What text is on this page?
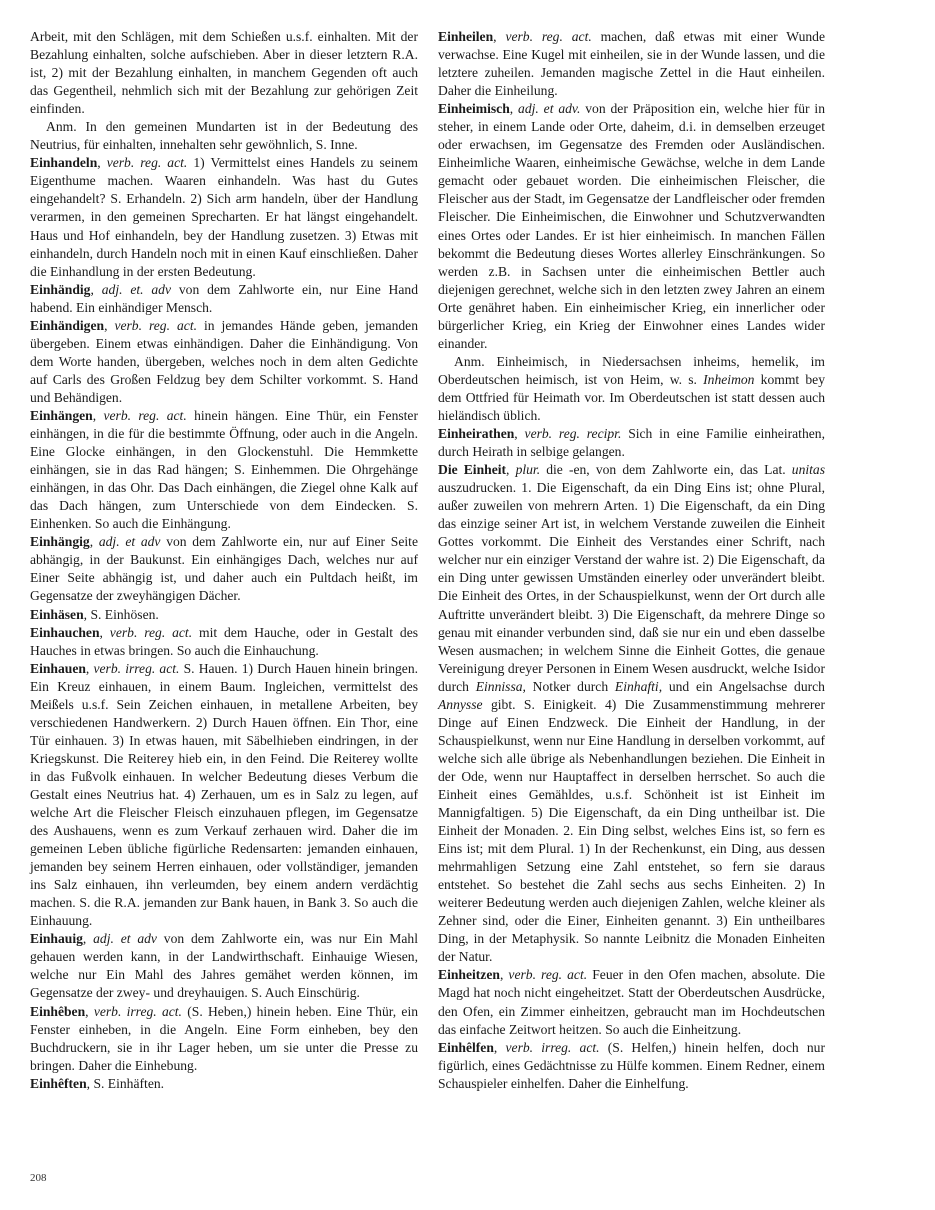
Arbeit, mit den Schlägen, mit dem Schießen u.s.f. einhalten. Mit der Bezahlung einhalten, solche aufschieben. Aber in dieser letztern R.A. ist, 2) mit der Bezahlung einhalten, in manchem Gegenden oft auch das Gegentheil, nehmlich sich mit der Bezahlung zur gehörigen Zeit einfinden.

Anm. In den gemeinen Mundarten ist in der Bedeutung des Neutrius, für einhalten, innehalten sehr gewöhnlich, S. Inne.

Einhandeln, verb. reg. act. 1) Vermittelst eines Handels zu seinem Eigenthume machen. Waaren einhandeln. Was hast du Gutes eingehandelt? S. Erhandeln. 2) Sich arm handeln, über der Handlung verarmen, in den gemeinen Sprecharten. Er hat längst eingehandelt. Haus und Hof einhandeln, bey der Handlung zusetzen. 3) Etwas mit einhandeln, durch Handeln noch mit in einen Kauf einschließen. Daher die Einhandlung in der ersten Bedeutung.

Einhändig, adj. et. adv von dem Zahlworte ein, nur Eine Hand habend. Ein einhändiger Mensch.

Einhändigen, verb. reg. act. in jemandes Hände geben, jemanden übergeben. Einem etwas einhändigen. Daher die Einhändigung. Von dem Worte handen, übergeben, welches noch in dem alten Gedichte auf Carls des Großen Feldzug bey dem Schilter vorkommt. S. Hand und Behändigen.

Einhängen, verb. reg. act. hinein hängen. Eine Thür, ein Fenster einhängen, in die für die bestimmte Öffnung, oder auch in die Angeln. Eine Glocke einhängen, in den Glockenstuhl. Die Hemmkette einhängen, sie in das Rad hängen; S. Einhemmen. Die Ohrgehänge einhängen, in das Ohr. Das Dach einhängen, die Ziegel ohne Kalk auf das Dach hängen, zum Unterschiede von dem Eindecken. S. Einhenken. So auch die Einhängung.

Einhängig, adj. et adv von dem Zahlworte ein, nur auf Einer Seite abhängig, in der Baukunst. Ein einhängiges Dach, welches nur auf Einer Seite abhängig ist, und daher auch ein Pultdach heißt, im Gegensatze der zweyhängigen Dächer.

Einhäsen, S. Einhösen.

Einhauchen, verb. reg. act. mit dem Hauche, oder in Gestalt des Hauches in etwas bringen. So auch die Einhauchung.

Einhauen, verb. irreg. act. S. Hauen. 1) Durch Hauen hinein bringen. Ein Kreuz einhauen, in einem Baum. Ingleichen, vermittelst des Meißels u.s.f. Sein Zeichen einhauen, in metallene Arbeiten, bey verschiedenen Handwerkern. 2) Durch Hauen öffnen. Ein Thor, eine Tür einhauen. 3) In etwas hauen, mit Säbelhieben eindringen, in der Kriegskunst. Die Reiterey hieb ein, in den Feind. Die Reiterey wollte in das Fußvolk einhauen. In welcher Bedeutung dieses Verbum die Gestalt eines Neutrius hat. 4) Zerhauen, um es in Salz zu legen, auf welche Art die Fleischer Fleisch einzuhauen pflegen, im Gegensatze des Aushauens, wenn es zum Verkauf zerhauen wird. Daher die im gemeinen Leben übliche figürliche Redensarten: jemanden einhauen, jemanden bey seinem Herren einhauen, oder vollständiger, jemanden ins Salz einhauen, ihn verleumden, bey einem andern verdächtig machen. S. die R.A. jemanden zur Bank hauen, in Bank 3. So auch die Einhauung.

Einhauig, adj. et adv von dem Zahlworte ein, was nur Ein Mahl gehauen werden kann, in der Landwirthschaft. Einhauige Wiesen, welche nur Ein Mahl des Jahres gemähet werden können, im Gegensatze der zwey- und dreyhauigen. S. Auch Einschürig.

Einhêben, verb. irreg. act. (S. Heben,) hinein heben. Eine Thür, ein Fenster einheben, in die Angeln. Eine Form einheben, bey den Buchdruckern, sie in ihr Lager heben, um sie unter die Presse zu bringen. Daher die Einhebung.

Einhêften, S. Einhäften.

Einheilen, verb. reg. act. machen, daß etwas mit einer Wunde verwachse. Eine Kugel mit einheilen, sie in der Wunde lassen, und die letztere zuheilen. Jemanden magische Zettel in die Haut einheilen. Daher die Einheilung.

Einheimisch, adj. et adv. von der Präposition ein, welche hier für in steher, in einem Lande oder Orte, daheim, d.i. in demselben erzeuget oder erwachsen, im Gegensatze des Fremden oder Ausländischen. Einheimliche Waaren, einheimische Gewächse, welche in dem Lande gemacht oder gebauet worden. Die einheimischen Fleischer, die Fleischer aus der Stadt, im Gegensatze der Landfleischer oder fremden Fleischer. Die Einheimischen, die Einwohner und Schutzverwandten eines Ortes oder Landes. Er ist hier einheimisch. In manchen Fällen bekommt die Bedeutung dieses Wortes allerley Einschränkungen. So werden z.B. in Sachsen unter die einheimischen Bettler auch diejenigen gerechnet, welche sich in den letzten zwey Jahren an einem Orte genähret haben. Ein einheimischer Krieg, ein innerlicher oder bürgerlicher Krieg, ein Krieg der Einwohner eines Landes wider einander.

Anm. Einheimisch, in Niedersachsen inheims, hemelik, im Oberdeutschen heimisch, ist von Heim, w. s. Inheimon kommt bey dem Ottfried für Heimath vor. Im Oberdeutschen ist statt dessen auch hieländisch üblich.

Einheirathen, verb. reg. recipr. Sich in eine Familie einheirathen, durch Heirath in selbige gelangen.

Die Einheit, plur. die -en, von dem Zahlworte ein, das Lat. unitas auszudrucken. 1. Die Eigenschaft, da ein Ding Eins ist; ohne Plural, außer zuweilen von mehrern Arten. 1) Die Eigenschaft, da ein Ding das einzige seiner Art ist, in welchem Verstande zuweilen die Einheit Gottes vorkommt. Die Einheit des Verstandes einer Schrift, nach welcher nur ein einziger Verstand der wahre ist. 2) Die Eigenschaft, da ein Ding unter gewissen Umständen einerley oder unverändert bleibt. Die Einheit des Ortes, in der Schauspielkunst, wenn der Ort durch alle Auftritte unverändert bleibt. 3) Die Eigenschaft, da mehrere Dinge so genau mit einander verbunden sind, daß sie nur ein und eben dasselbe Wesen ausmachen; in welchem Sinne die Einheit Gottes, die genaue Vereinigung dreyer Personen in Einem Wesen ausdruckt, welche Isidor durch Einnissa, Notker durch Einhafti, und ein Angelsachse durch Annysse gibt. S. Einigkeit. 4) Die Zusammenstimmung mehrerer Dinge auf Einen Endzweck. Die Einheit der Handlung, in der Schauspielkunst, wenn nur Eine Handlung in derselben vorkommt, auf welche sich alle übrige als Nebenhandlungen beziehen. Die Einheit in der Ode, wenn nur Hauptaffect in derselben herrschet. So auch die Einheit eines Gemähldes, u.s.f. Schönheit ist ist Einheit im Mannigfaltigen. 5) Die Eigenschaft, da ein Ding untheilbar ist. Die Einheit der Monaden. 2. Ein Ding selbst, welches Eins ist, so fern es Eins ist; mit dem Plural. 1) In der Rechenkunst, ein Ding, aus dessen mehrmahligen Setzung eine Zahl entstehet, so fern sie daraus entstehet. So bestehet die Zahl sechs aus sechs Einheiten. 2) In weiterer Bedeutung werden auch diejenigen Zahlen, welche kleiner als Zehner sind, oder die Einer, Einheiten genannt. 3) Ein untheilbares Ding, in der Metaphysik. So nannte Leibnitz die Monaden Einheiten der Natur.

Einheitzen, verb. reg. act. Feuer in den Ofen machen, absolute. Die Magd hat noch nicht eingeheitzet. Statt der Oberdeutschen Ausdrücke, den Ofen, ein Zimmer einheitzen, gebraucht man im Hochdeutschen das einfache Zeitwort heitzen. So auch die Einheitzung.

Einhêlfen, verb. irreg. act. (S. Helfen,) hinein helfen, doch nur figürlich, eines Gedächtnisse zu Hülfe kommen. Einem Redner, einem Schauspieler einhelfen. Daher die Einhelfung.

208
